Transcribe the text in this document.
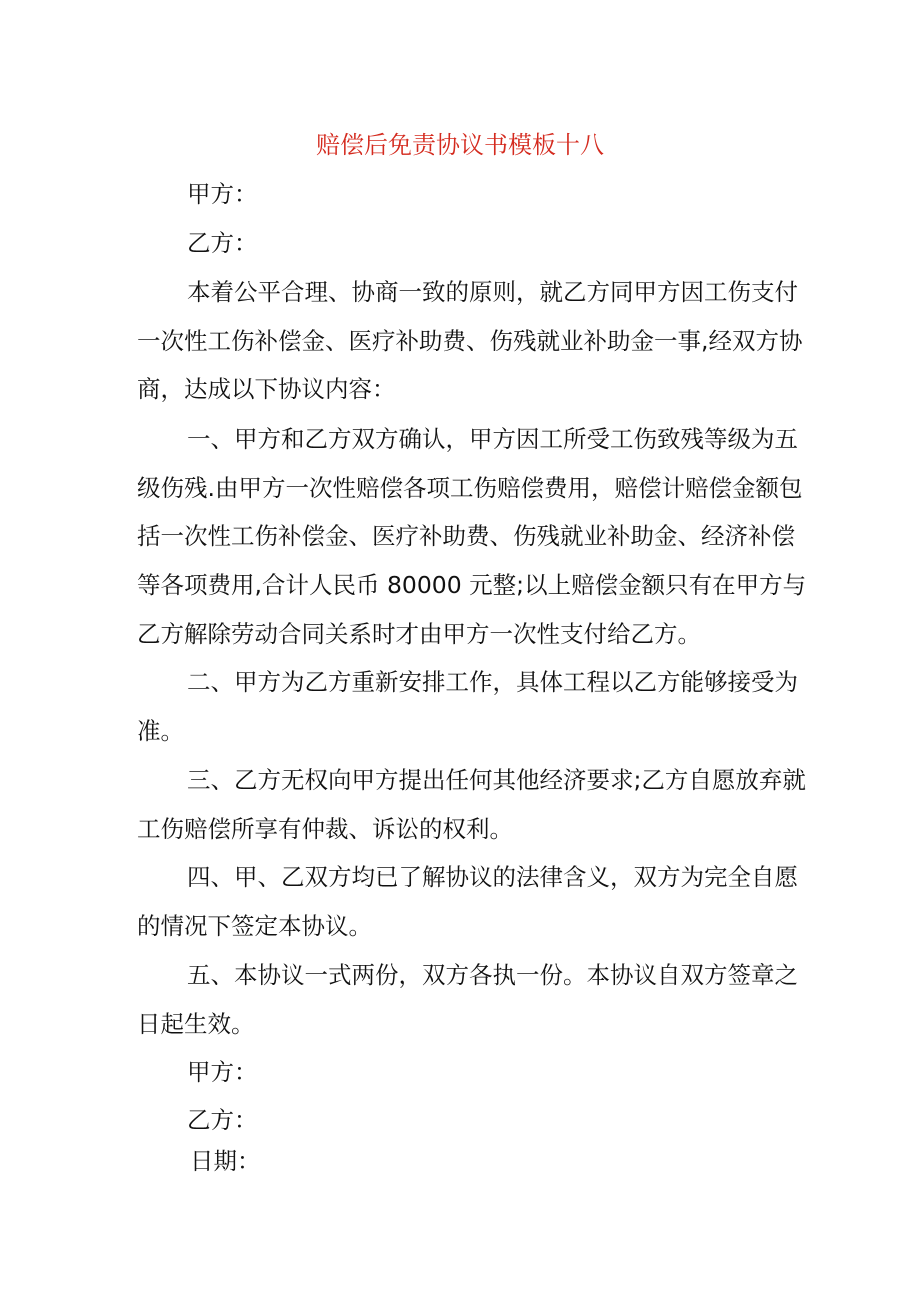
赔偿后免责协议书模板十八

甲方：

乙方：

本着公平合理、协商一致的原则，就乙方同甲方因工伤支付

一次性工伤补偿金、医疗补助费、伤残就业补助金一事,经双方协

商，达成以下协议内容：

一、甲方和乙方双方确认，甲方因工所受工伤致残等级为五

级伤残.由甲方一次性赔偿各项工伤赔偿费用，赔偿计赔偿金额包

括一次性工伤补偿金、医疗补助费、伤残就业补助金、经济补偿

等各项费用,合计人民币 80000 元整;以上赔偿金额只有在甲方与

乙方解除劳动合同关系时才由甲方一次性支付给乙方。

二、甲方为乙方重新安排工作，具体工程以乙方能够接受为

准。

三、乙方无权向甲方提出任何其他经济要求;乙方自愿放弃就

工伤赔偿所享有仲裁、诉讼的权利。

四、甲、乙双方均已了解协议的法律含义，双方为完全自愿

的情况下签定本协议。

五、本协议一式两份，双方各执一份。本协议自双方签章之

日起生效。

甲方：

乙方：

日期：
